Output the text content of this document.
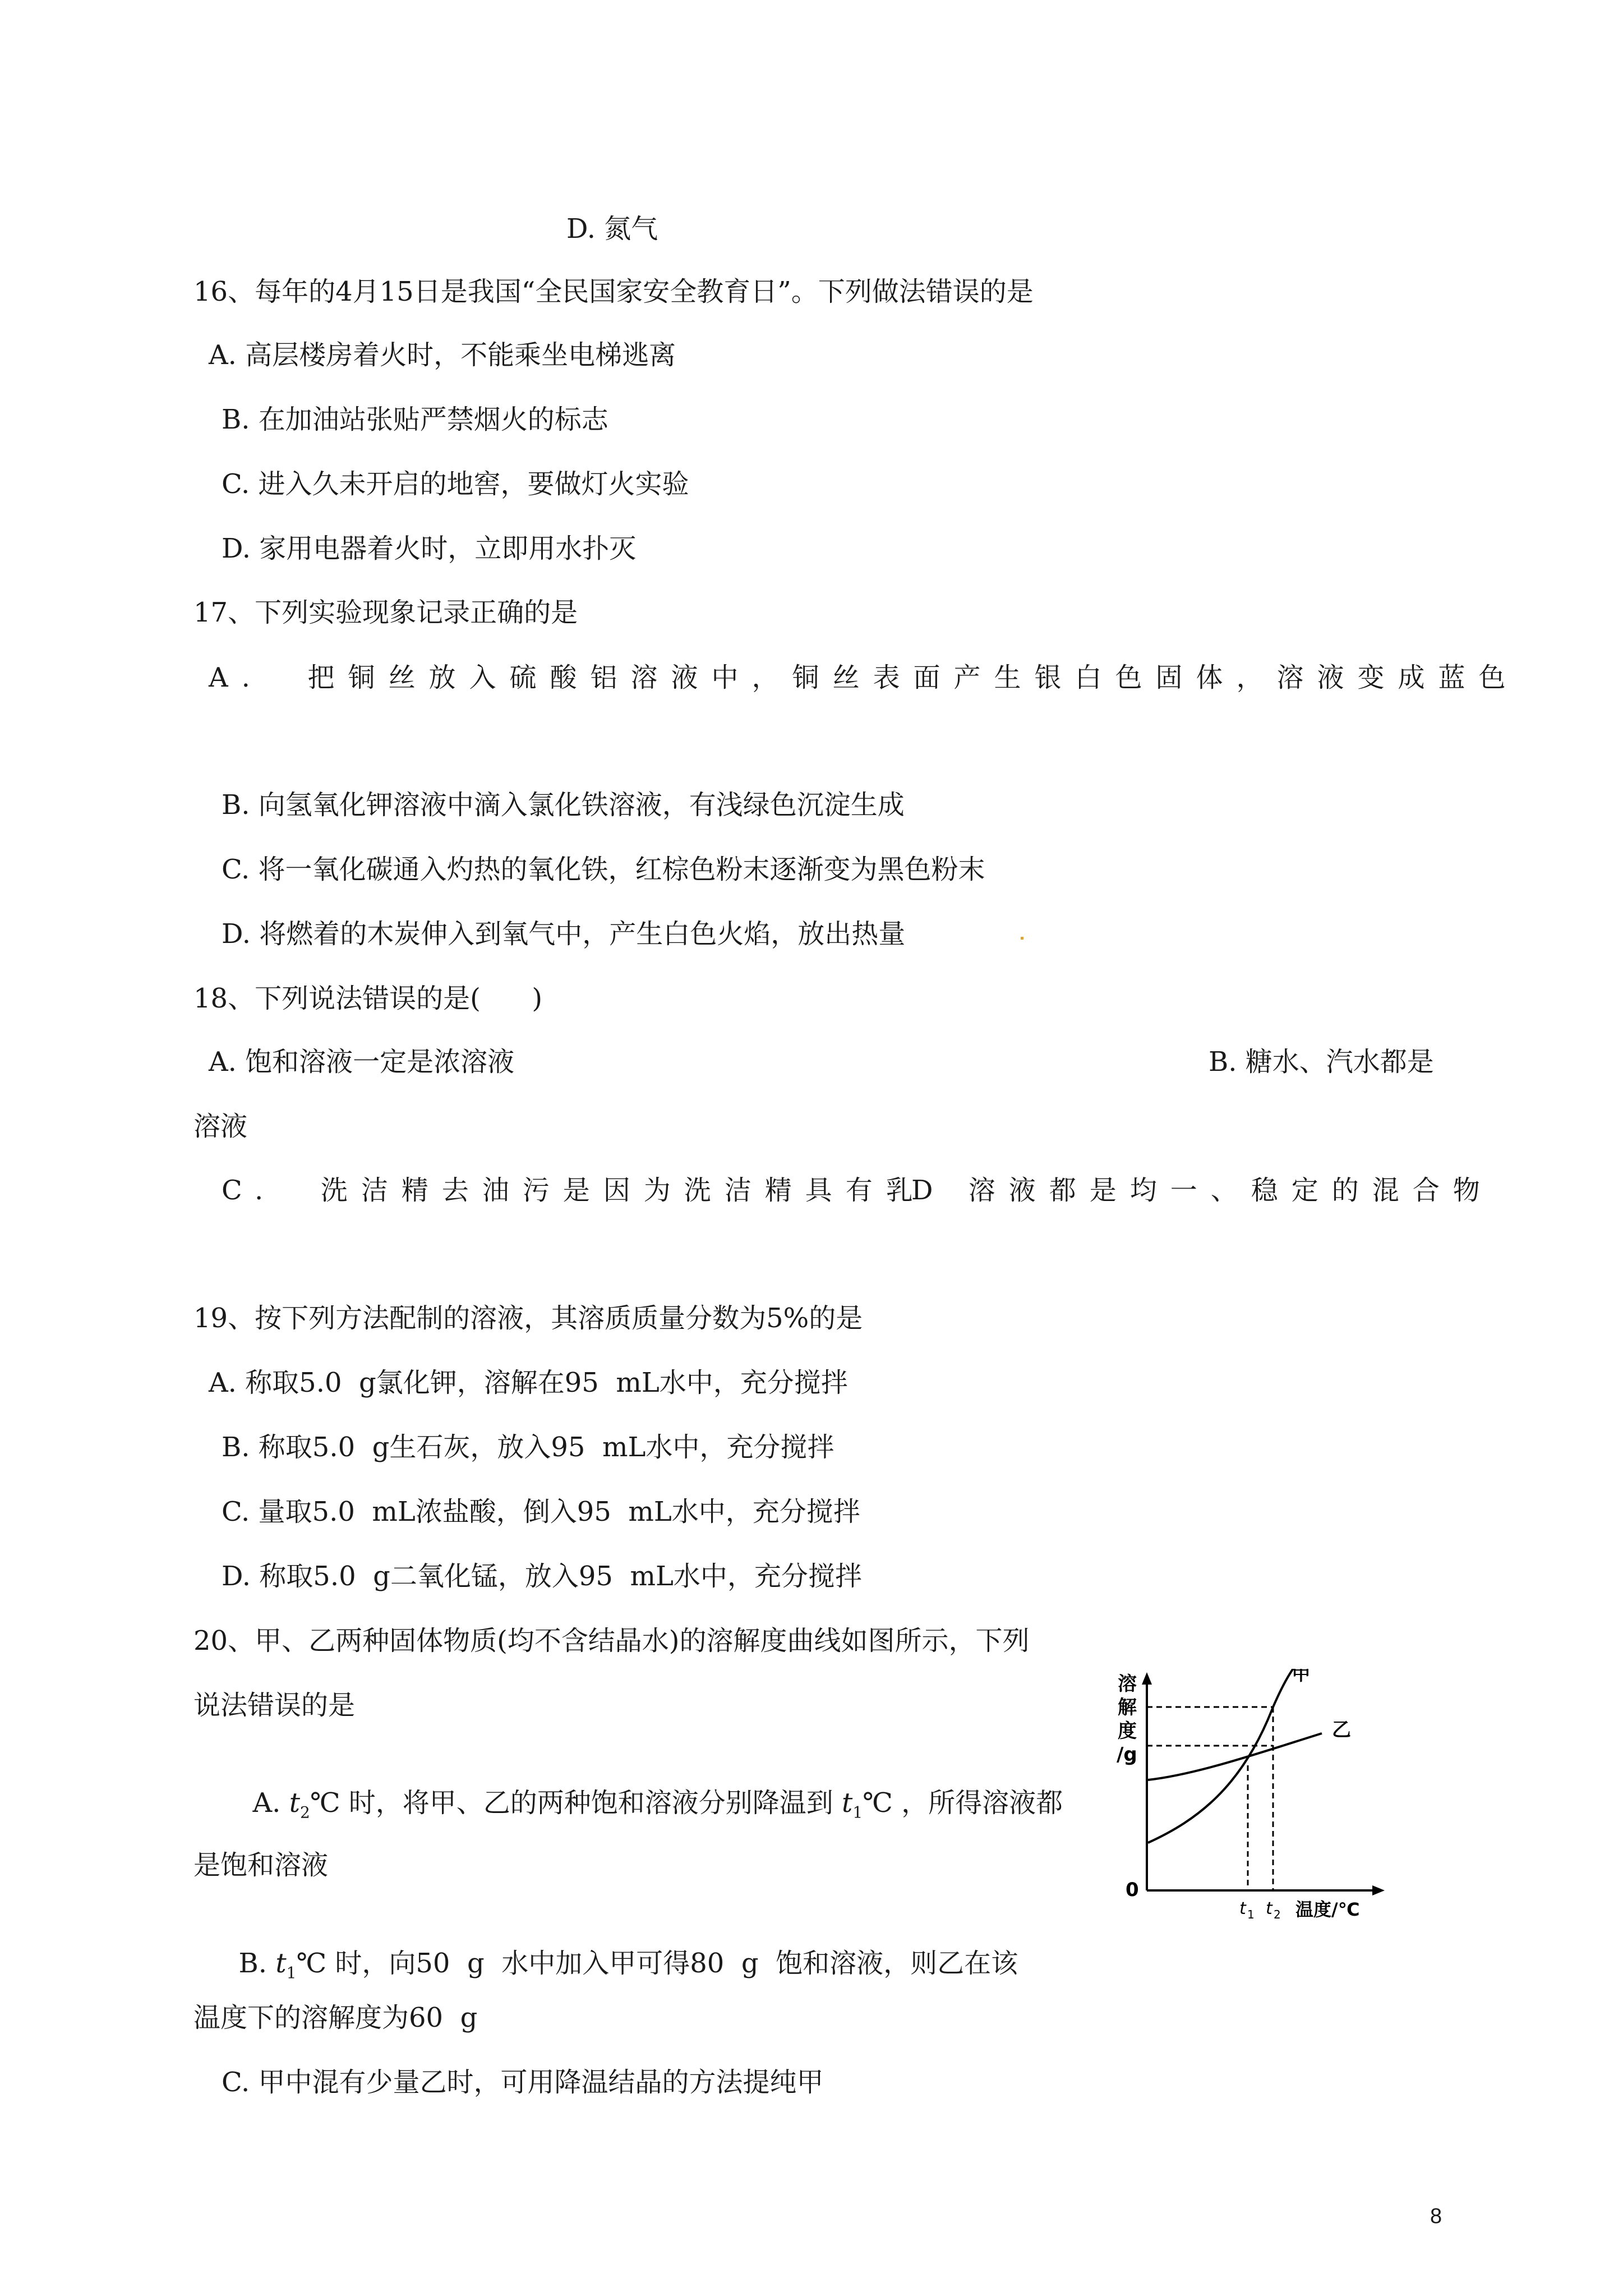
D. 氮气
16、每年的4月15日是我国“全民国家安全教育日”。下列做法错误的是
A. 高层楼房着火时，不能乘坐电梯逃离
B. 在加油站张贴严禁烟火的标志
C. 进入久未开启的地窖，要做灯火实验
D. 家用电器着火时，立即用水扑灭
17、下列实验现象记录正确的是
A.  把铜丝放入硫酸铝溶液中，铜丝表面产生银白色固体，溶液变成蓝色
B. 向氢氧化钾溶液中滴入氯化铁溶液，有浅绿色沉淀生成
C. 将一氧化碳通入灼热的氧化铁，红棕色粉末逐渐变为黑色粉末
D. 将燃着的木炭伸入到氧气中，产生白色火焰，放出热量
18、下列说法错误的是(      )
A. 饱和溶液一定是浓溶液	B. 糖水、汽水都是
溶液
C.  洗洁精去油污是因为洗洁精具有乳
D 溶液都是均一、稳定的混合物
19、按下列方法配制的溶液，其溶质质量分数为5%的是
A. 称取5.0  g氯化钾，溶解在95  mL水中，充分搅拌
B. 称取5.0  g生石灰，放入95  mL水中，充分搅拌
C. 量取5.0  mL浓盐酸，倒入95  mL水中，充分搅拌
D. 称取5.0  g二氧化锰，放入95  mL水中，充分搅拌
20、甲、乙两种固体物质(均不含结晶水)的溶解度曲线如图所示，下列
说法错误的是

A. $t_2℃$ 时，将甲、乙的两种饱和溶液分别降温到 $t_1℃$ ，所得溶液都

是饱和溶液

B. $t_1℃$ 时，向50  g  水中加入甲可得80  g  饱和溶液，则乙在该

温度下的溶解度为60  g
C. 甲中混有少量乙时，可用降温结晶的方法提纯甲
溶
解
度
/g
0
甲
乙
t 1 t 2 温度/℃
8
